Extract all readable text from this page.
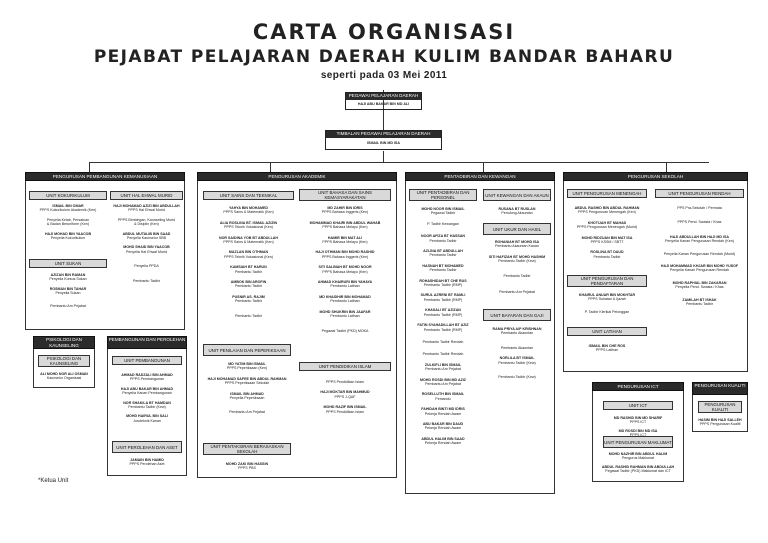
CARTA ORGANISASI
PEJABAT PELAJARAN DAERAH KULIM BANDAR BAHARU
seperti pada 03 Mei 2011
PEGAWAI PELAJARAN DAERAH
HAJI ABU BAKAR BIN MD ALI
TIMBALAN PEGAWAI PELAJARAN DAERAH
ISMAIL BIN MD ISA
PENGURUSAN PEMBANGUNAN KEMANUSIAAN
UNIT KOKURIKULUM
ISMAIL BIN OMAR
PPPS Kokurikulum Akademik (Ken)
Penyelia Kelab, Persatuan
& Badan Beruniform (Ken)
HAJI MOHAD BIN YAACOB
Penyelia Kokurikulum
UNIT HAL EHWAL MURID
HAJI MOHAMAD AZIZI BIN ABDULLAH
PPPS Hal Ehwal Murid
PPPS Bimbingan, Kaunseling Murid
& Disiplin (Ken)
ABDUL MUTALIB BIN SAAD
Penyelia Kaunselor SBB
MOHD SHAID BIN YAACOB
Penyelia Hal Ehwal Murid
Penyelia PPDA
Pembantu Tadbir
UNIT SUKAN
AZIZAN BIN RAMAN
Penyelia Kursus Sukan
ROSMAN BIN TAHAR
Penyelia Sukan
Pembantu Am Pejabat
PSIKOLOGI DAN KAUNSELING
PSIKOLOGI DAN KAUNSELING
ALI MOHD NOR ALI OSMAN
Kaunselor Organisasi
*Ketua Unit
PENGURUSAN AKADEMIK
UNIT SAINS DAN TEKNIKAL
YAHYA BIN MOHAMED
PPPS Sains & Matematik (Ken)
ALIA ROSLINA BT. ISMAIL AZIZIN
PPPS Teknik Vokasional (Ken)
NOR SAIDINA YOB BT ABDULLAH
PPPS Sains & Matematik (Ken)
MAZLAN BIN OTHMAN
PPPS Teknik Vokasional (Ken)
KAMSIAH BT HARUN
Pembantu Tadbir
AMBOK BIN AROFIN
Pembantu Tadbir
PUSNIR AS. RAJIM
Pembantu Tadbir
Pembantu Tadbir
UNIT BAHASA DAN SAINS KEMASYARAKATAN
MD ZAHIR BIN IDRIS
PPPS Bahasa Inggeris (Ken)
MOHAMMAD KHAIRI BIN ABDUL WAHAB
PPPS Bahasa Melayu (Ken)
HAMIR BIN MAT ALI
PPPS Bahasa Melayu (Ken)
HAJI OTHMAN BIN MOHD RASHID
PPPS Bahasa Inggeris (Ken)
SITI SALBIAH BT MOHD NOOR
PPPS Bahasa Melayu (Ken)
AHMAD KHAIRURI BIN YAHAYA
Pembantu Latihan
MD KHAIDHIR BIN MOHAMAD
Pembantu Latihan
MOHD SHUKRIN BIN JAAFAR
Pembantu Latihan
Pegawai Tadbir (PKD) MOKA
UNIT PENILAIAN DAN PEPERIKSAAN
MD YATIM BIN ISMAIL
PPPS Peperiksaan (Ken)
HAJI MOHAMAD SAFEE BIN ABDUL RAHMAN
PPPS Peperiksaan Sekolah
ISMAIL BIN AHMAD
Penyelia Peperiksaan
Pembantu Am Pejabat
UNIT PENDIDIKAN ISLAM
PPPS Pendidikan Islam
HAJI MOKTAR BIN MAHMUD
PPPS J-QAF
MOHD RAZIF BIN ISMAIL
PPPS Pendidikan Islam
UNIT PENTAKSIRAN BERASASKAN SEKOLAH
MOHD ZAKI BIN HASSIN
PPPS PBS
PEMBANGUNAN DAN PEROLEHAN
UNIT PEMBANGUNAN
AHMAD RADZALI BIN AHMAD
PPPS Pembangunan
HAJI ABU BAKAR BIN AHMAD
Penyelia Kanan Pembangunan
NOR SHAKILA BT HAMDAN
Pembantu Tadbir (Kew)
MOHD HAIRUL BIN SALI
Juruteknik Kanan
UNIT PEROLEHAN DAN ASET
JAMAIN BIN HAMID
PPPS Perolehan Aset
PENTADBIRAN DAN KEWANGAN
UNIT PENTADBIRAN DAN PERSONEL
MOHD NOOR BIN ISMAIL
Pegawai Tadbir
P. Tadbir Kewangan
NOOR AFIZA BT HASSAN
Pembantu Tadbir
AZLINA BT ABDULLAH
Pembantu Tadbir
HASNAH BT MOHAMED
Pembantu Tadbir
ROHASHIDAH BT CHE RUS
Pembantu Tadbir (RMP)
SURUL AZRENI BT RAMLI
Pembantu Tadbir (RMP)
KHASALI BT AZIZAN
Pembantu Tadbir (RMP)
FATIN SYAHADILLAH BT AZIZ
Pembantu Tadbir (RMP)
Pembantu Tadbir Rendah
Pembantu Tadbir Rendah
ZULKIFLI BIN ISMAIL
Pembantu Am Pejabat
MOHD ROSDI BIN MD AZIZ
Pembantu Am Pejabat
ROSELLUTH BIN ISMAIL
Pemandu
FAHIDAH BINTI MD IDRIS
Pekerja Rendah Awam
ABU BAKAR BIN DAUD
Pekerja Rendah Awam
ABDUL HALIM BIN SAAD
Pekerja Rendah Awam
UNIT KEWANGAN DAN AKAUN
RUSANA BT RUSLAN
Penolong Akauntan
UNIT UKUR DAN HASIL
ROHANIAH BT MOHD ISA
Pembantu Akauntan Kanan
SITI HAFIZAH BT MOHD HASHIM
Pembantu Tadbir (Kew)
Pembantu Tadbir
Pembantu Am Pejabat
UNIT BAYARAN DAN GAJI
RAMA PRIYA A/P KRISHNAN
Pembantu Akauntan
Pembantu Akauntan
NORLILA BT ISMAIL
Pembantu Tadbir (Kew)
Pembantu Tadbir (Kew)
PENGURUSAN SEKOLAH
UNIT PENGURUSAN MENENGAH
ABDUL RASHID BIN ABDUL RAHMAN
PPPS Pengurusan Menengah (Ken)
KHOTIJAH BT MAHAD
PPPS Pengurusan Menengah (Murid)
MOHD RIDZUAN BIN MAT ISA
PPPS KSSM / SBT7
ROSLINA BT DAUD
Pembantu Tadbir
UNIT PENGURUSAN RENDAH
PPS Pra-Sekolah / Permata
PPPS Pend. Swasta / Khas
HAJI ABDULLAH BIN HAJI MD ISA
Penyelia Kanan Pengurusan Rendah (Ken)
Penyelia Kanan Pengurusan Rendah (Murid)
HAJI MOHAMMAD KHJAR BIN MOHD YUSOF
Penyelia Kanan Pengurusan Rendah
MOHD RAPHIAL BIN ZAKARAN
Penyelia Pend. Swasta / Khas
ZAMILAH BT ISHAK
Pembantu Tadbir
UNIT PENGURUSAN DAN PENDAFTARAN
KHAIRUL ANUAR BIN MOKHTAR
PPPS Sukatan & Ijazah
P. Tadbir Klerikal Pelonggan
UNIT LATIHAN
ISMAIL BIN CHE ROS
PPPS Latihan
PENGURUSAN ICT
UNIT ICT
MD RASHID BIN MD SHARIF
PPPS ICT
MD ROSDI BIN MD ISA

UNIT PENGURUSAN MAKLUMAT
MOHD NAZHIR BIN ABDUL HALIM
Pengurus Maklumat
ABDUL RASHID RAHMAN BIN ABDULLAH
Pegawai Tadbir (PKD) Maklumat dan ICT
PENGURUSAN KUALITI
PENGURUSAN KUALITI
HASIM BIN HAJI SALLEH
PPPS Pengurusan Kualiti
